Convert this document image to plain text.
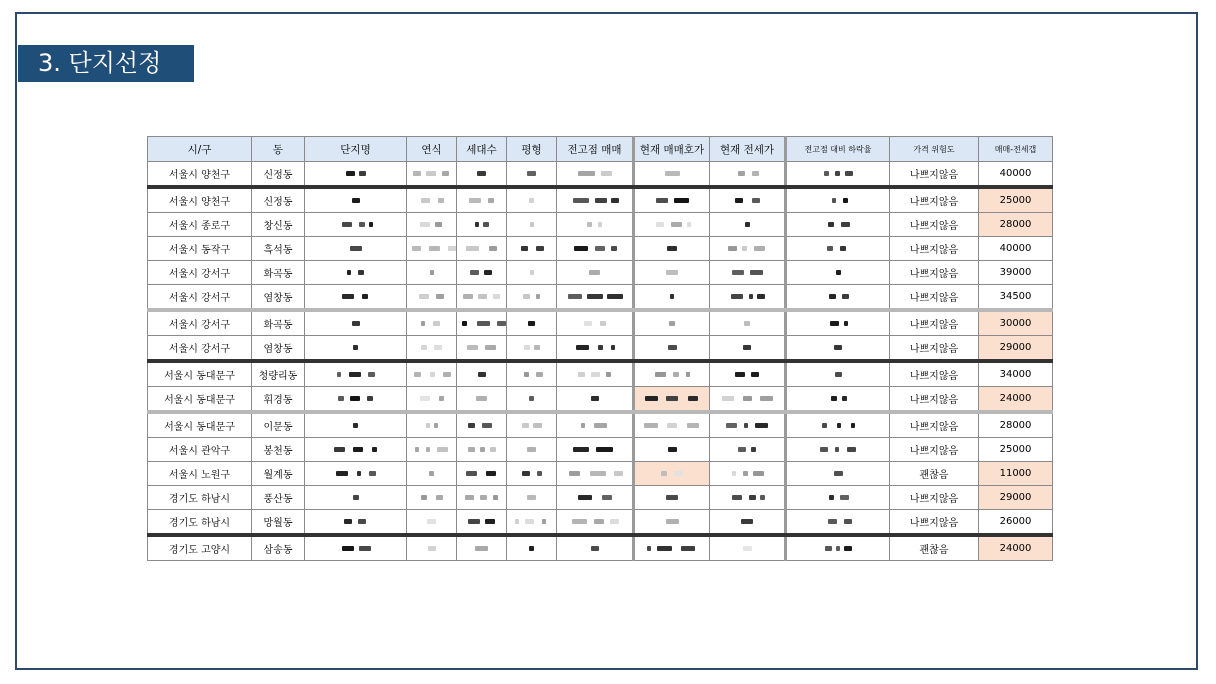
3. 단지선정
시/구	동	단지명	연식	세대수	평형	전고점 매매	현재 매매호가	현재 전세가	전고점 대비 하락율	가격 위험도	매매-전세갭
서울시 양천구	신정동									나쁘지않음	40000
서울시 양천구	신정동									나쁘지않음	25000
서울시 종로구	창신동									나쁘지않음	28000
서울시 동작구	흑석동									나쁘지않음	40000
서울시 강서구	화곡동									나쁘지않음	39000
서울시 강서구	염창동									나쁘지않음	34500
서울시 강서구	화곡동									나쁘지않음	30000
서울시 강서구	염창동									나쁘지않음	29000
서울시 동대문구	청량리동									나쁘지않음	34000
서울시 동대문구	휘경동									나쁘지않음	24000
서울시 동대문구	이문동									나쁘지않음	28000
서울시 관악구	봉천동									나쁘지않음	25000
서울시 노원구	월계동									괜찮음	11000
경기도 하남시	풍산동									나쁘지않음	29000
경기도 하남시	망월동									나쁘지않음	26000
경기도 고양시	삼송동									괜찮음	24000
